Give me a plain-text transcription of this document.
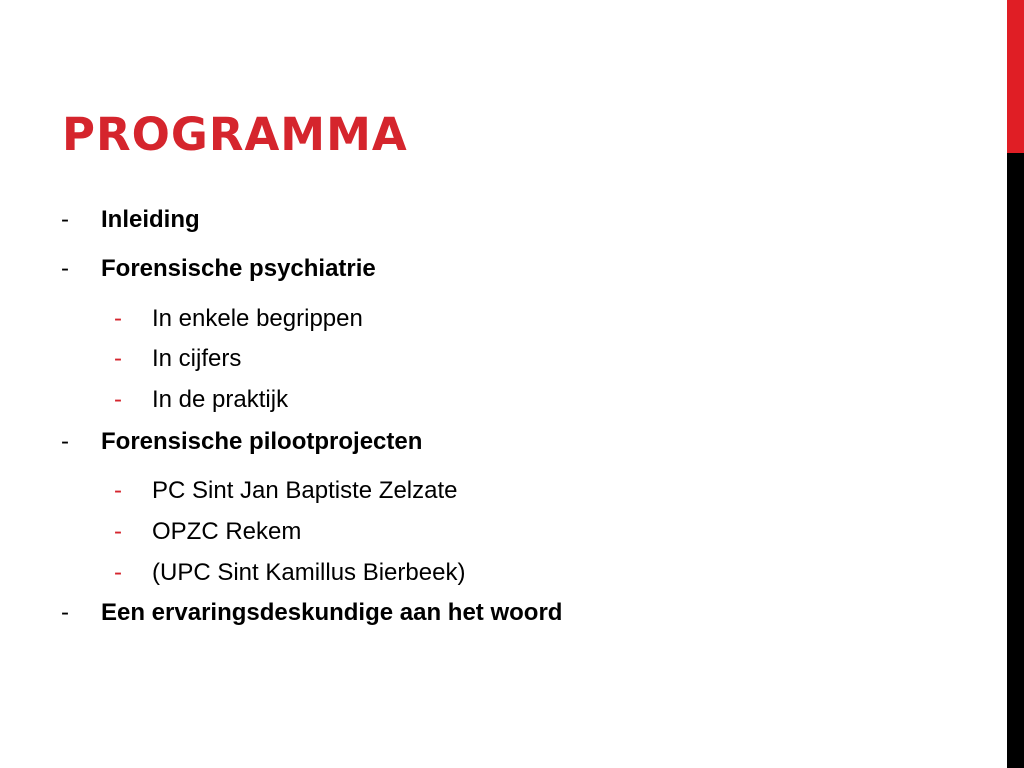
PROGRAMMA
- Inleiding
- Forensische psychiatrie
- In enkele begrippen
- In cijfers
- In de praktijk
- Forensische pilootprojecten
- PC Sint Jan Baptiste Zelzate
- OPZC Rekem
- (UPC Sint Kamillus Bierbeek)
- Een ervaringsdeskundige aan het woord
